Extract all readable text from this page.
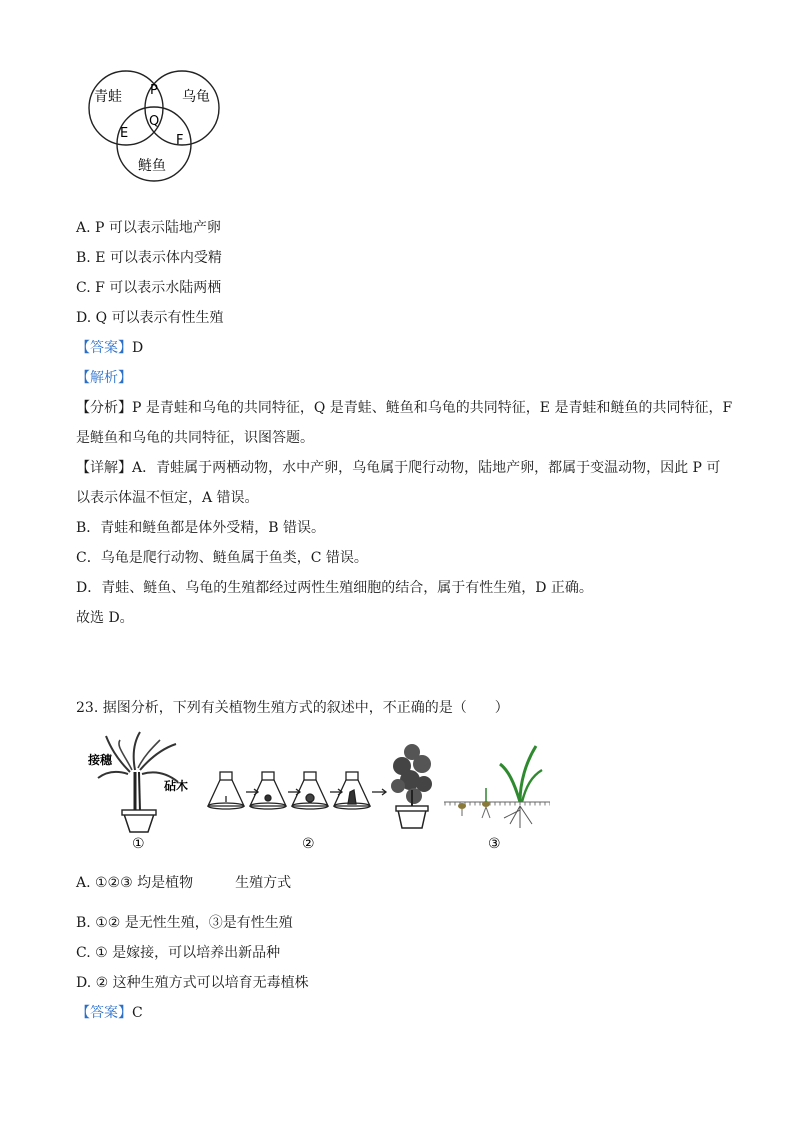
青蛙	乌龟
鲢鱼
P
Q
E	F
A. P 可以表示陆地产卵
B. E 可以表示体内受精
C. F 可以表示水陆两栖
D. Q 可以表示有性生殖
【答案】D
【解析】
【分析】P 是青蛙和乌龟的共同特征，Q 是青蛙、鲢鱼和乌龟的共同特征，E 是青蛙和鲢鱼的共同特征，F
是鲢鱼和乌龟的共同特征，识图答题。
【详解】A．青蛙属于两栖动物，水中产卵，乌龟属于爬行动物，陆地产卵，都属于变温动物，因此 P 可
以表示体温不恒定，A 错误。
B．青蛙和鲢鱼都是体外受精，B 错误。
C．乌龟是爬行动物、鲢鱼属于鱼类，C 错误。
D．青蛙、鲢鱼、乌龟的生殖都经过两性生殖细胞的结合，属于有性生殖，D 正确。
故选 D。
23. 据图分析，下列有关植物生殖方式的叙述中，不正确的是（　　）
接穗
砧木
①	②	③
A. ①②③ 均是植物　　　生殖方式
B. ①② 是无性生殖，③是有性生殖
C. ① 是嫁接，可以培养出新品种
D. ② 这种生殖方式可以培育无毒植株
【答案】C
